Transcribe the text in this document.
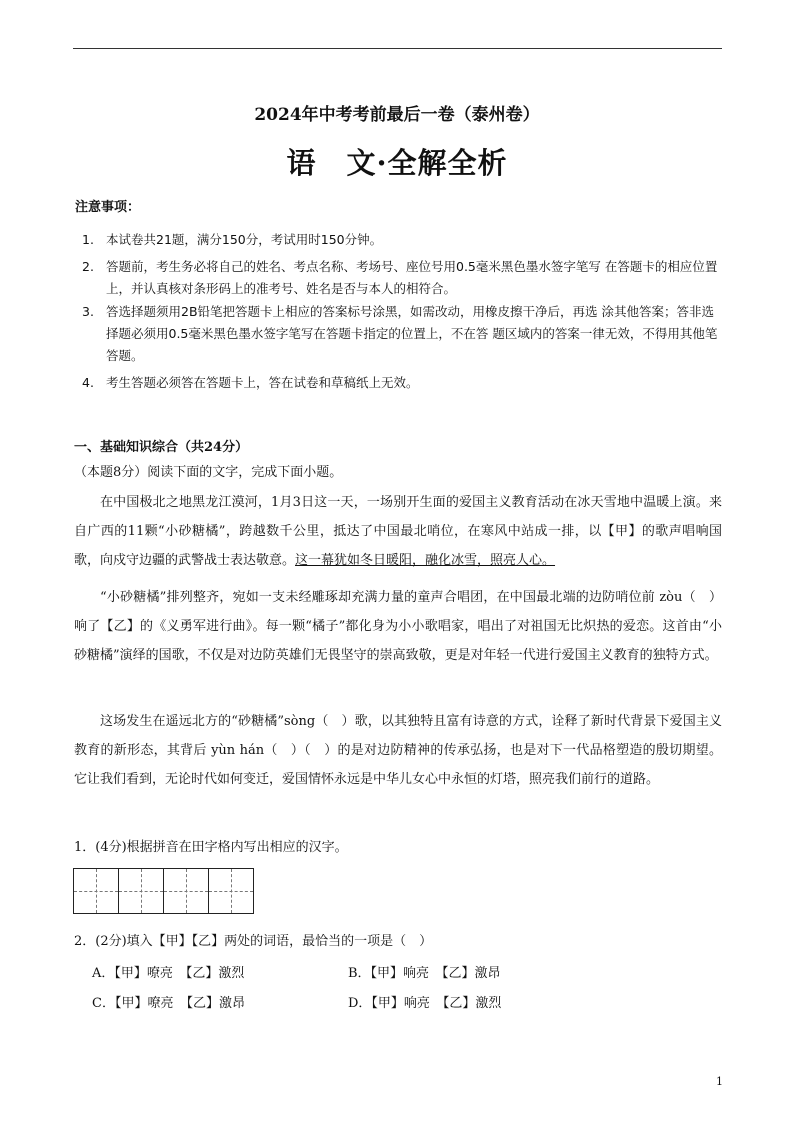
2024年中考考前最后一卷（泰州卷）
语　文·全解全析
注意事项：
1. 本试卷共21题，满分150分，考试用时150分钟。
2. 答题前，考生务必将自己的姓名、考点名称、考场号、座位号用0.5毫米黑色墨水签字笔写 在答题卡的相应位置上，并认真核对条形码上的准考号、姓名是否与本人的相符合。
3. 答选择题须用2B铅笔把答题卡上相应的答案标号涂黑，如需改动，用橡皮擦干净后，再选 涂其他答案；答非选择题必须用0.5毫米黑色墨水签字笔写在答题卡指定的位置上，不在答 题区域内的答案一律无效，不得用其他笔答题。
4. 考生答题必须答在答题卡上，答在试卷和草稿纸上无效。
一、基础知识综合（共24分）
（本题8分）阅读下面的文字，完成下面小题。
在中国极北之地黑龙江漠河，1月3日这一天，一场别开生面的爱国主义教育活动在冰天雪地中温暖上演。来自广西的11颗“小砂糖橘”，跨越数千公里，抵达了中国最北哨位，在寒风中站成一排，以【甲】的歌声唱响国歌，向戍守边疆的武警战士表达敬意。这一幕犹如冬日暖阳，融化冰雪，照亮人心。
“小砂糖橘”排列整齐，宛如一支未经雕琢却充满力量的童声合唱团，在中国最北端的边防哨位前 zòu（　）响了【乙】的《义勇军进行曲》。每一颗“橘子”都化身为小小歌唱家，唱出了对祖国无比炽热的爱恋。这首由“小砂糖橘”演绎的国歌，不仅是对边防英雄们无畏坚守的崇高致敬，更是对年轻一代进行爱国主义教育的独特方式。
这场发生在遥远北方的“砂糖橘”sòng（　）歌，以其独特且富有诗意的方式，诠释了新时代背景下爱国主义教育的新形态，其背后 yùn hán（　）（　）的是对边防精神的传承弘扬，也是对下一代品格塑造的殷切期望。它让我们看到，无论时代如何变迁，爱国情怀永远是中华儿女心中永恒的灯塔，照亮我们前行的道路。
1．(4分)根据拼音在田字格内写出相应的汉字。
2．(2分)填入【甲】【乙】两处的词语，最恰当的一项是（　）
A．【甲】嘹亮　【乙】激烈	B．【甲】响亮　【乙】激昂
C．【甲】嘹亮　【乙】激昂	D．【甲】响亮　【乙】激烈
1
